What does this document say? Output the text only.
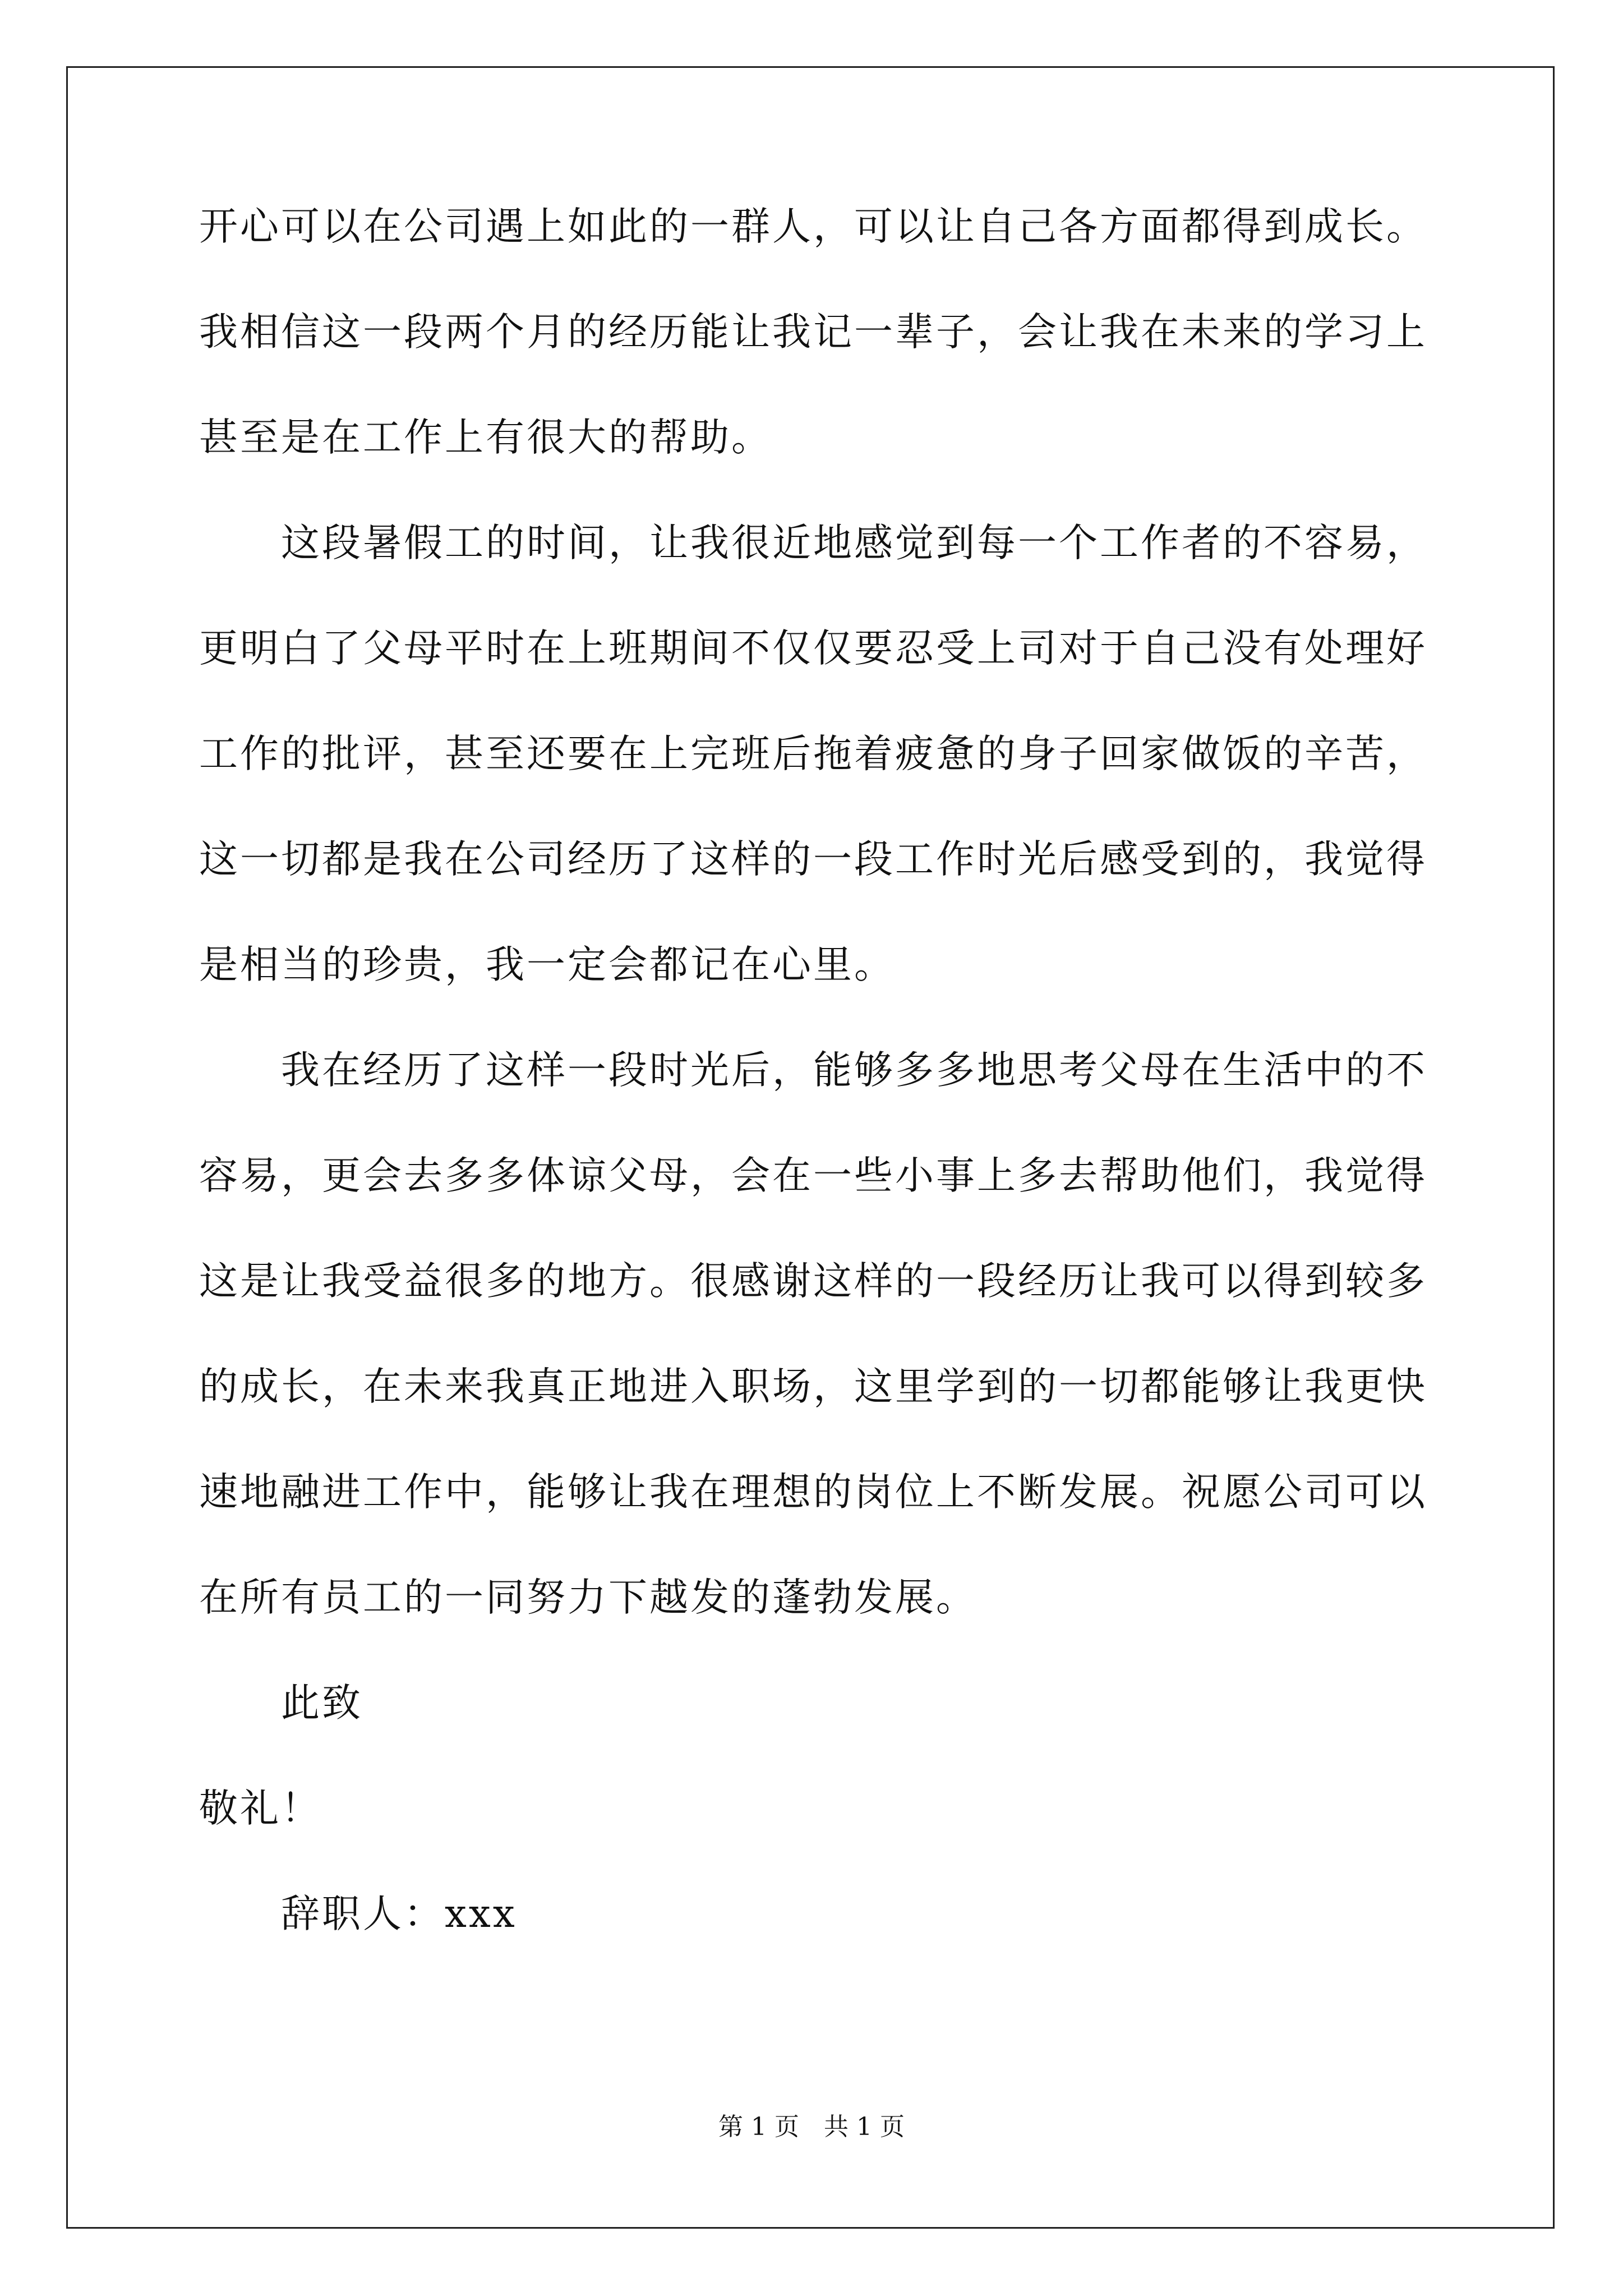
开 心 可 以 在 公 司 遇 上 如 此 的 一 群 人 ， 可 以 让 自 己 各 方 面 都 得 到 成 长 。
我 相 信 这 一 段 两 个 月 的 经 历 能 让 我 记 一 辈 子 ， 会 让 我 在 未 来 的 学 习 上
甚至是在工作上有很大的帮助。
这 段 暑 假 工 的 时 间 ， 让 我 很 近 地 感 觉 到 每 一 个 工 作 者 的 不 容 易 ，
更 明 白 了 父 母 平 时 在 上 班 期 间 不 仅 仅 要 忍 受 上 司 对 于 自 己 没 有 处 理 好
工 作 的 批 评 ， 甚 至 还 要 在 上 完 班 后 拖 着 疲 惫 的 身 子 回 家 做 饭 的 辛 苦 ，
这 一 切 都 是 我 在 公 司 经 历 了 这 样 的 一 段 工 作 时 光 后 感 受 到 的 ， 我 觉 得
是相当的珍贵，我一定会都记在心里。
我 在 经 历 了 这 样 一 段 时 光 后 ， 能 够 多 多 地 思 考 父 母 在 生 活 中 的 不
容 易 ， 更 会 去 多 多 体 谅 父 母 ， 会 在 一 些 小 事 上 多 去 帮 助 他 们 ， 我 觉 得
这 是 让 我 受 益 很 多 的 地 方 。 很 感 谢 这 样 的 一 段 经 历 让 我 可 以 得 到 较 多
的 成 长 ， 在 未 来 我 真 正 地 进 入 职 场 ， 这 里 学 到 的 一 切 都 能 够 让 我 更 快
速 地 融 进 工 作 中 ， 能 够 让 我 在 理 想 的 岗 位 上 不 断 发 展 。 祝 愿 公 司 可 以
在所有员工的一同努力下越发的蓬勃发展。
此致
敬礼！
辞职人：xxx
第 1 页　共 1 页
